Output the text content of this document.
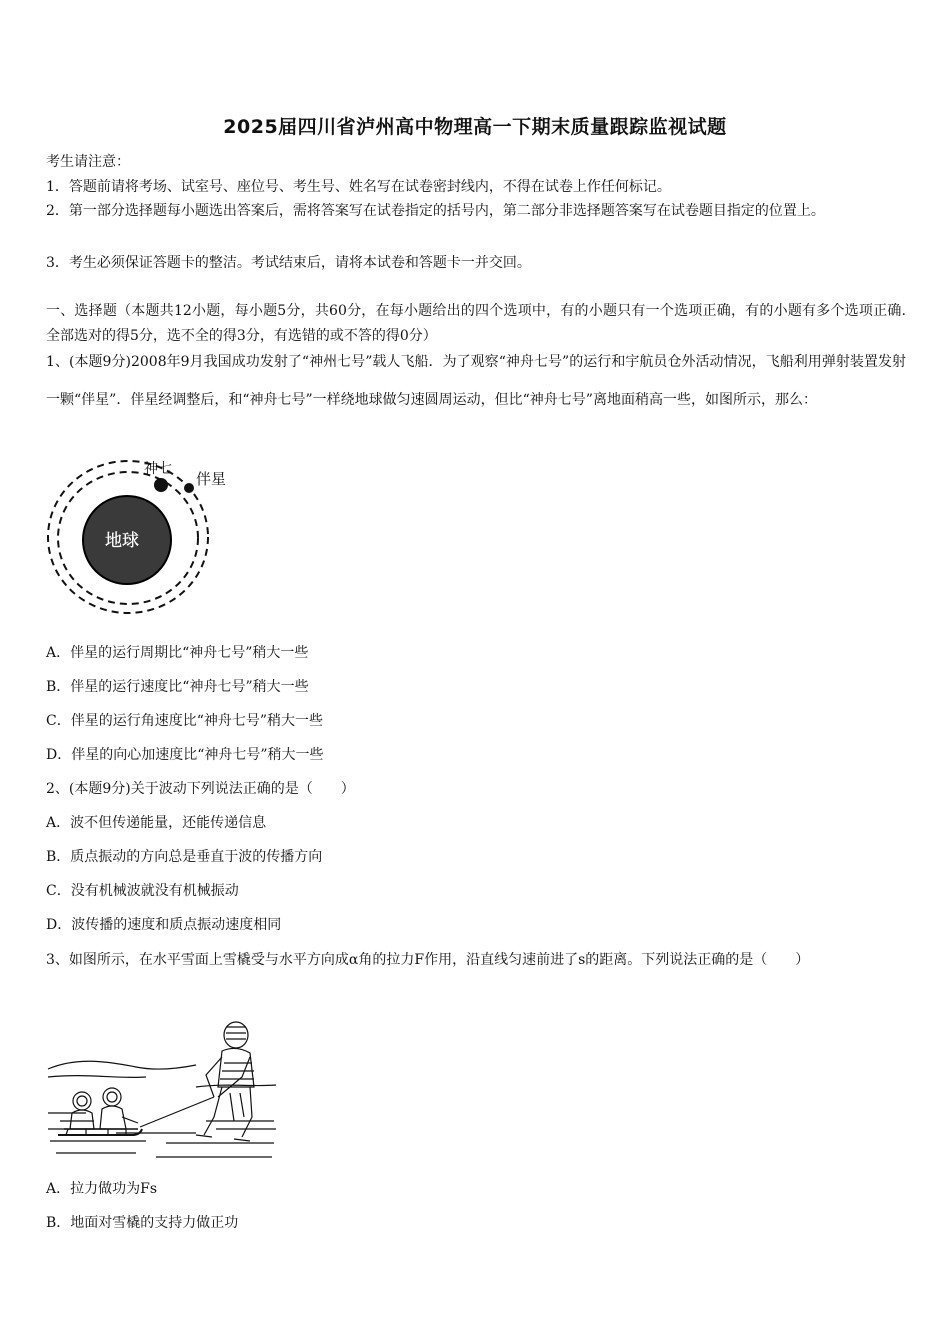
2025届四川省泸州高中物理高一下期末质量跟踪监视试题
考生请注意：
1．答题前请将考场、试室号、座位号、考生号、姓名写在试卷密封线内，不得在试卷上作任何标记。
2．第一部分选择题每小题选出答案后，需将答案写在试卷指定的括号内，第二部分非选择题答案写在试卷题目指定的位置上。
3．考生必须保证答题卡的整洁。考试结束后，请将本试卷和答题卡一并交回。
一、选择题（本题共12小题，每小题5分，共60分，在每小题给出的四个选项中，有的小题只有一个选项正确，有的小题有多个选项正确.全部选对的得5分，选不全的得3分，有选错的或不答的得0分）
1、(本题9分)2008年9月我国成功发射了“神州七号”载人飞船．为了观察“神舟七号”的运行和宇航员仓外活动情况，飞船利用弹射装置发射一颗“伴星”．伴星经调整后，和“神舟七号”一样绕地球做匀速圆周运动，但比“神舟七号”离地面稍高一些，如图所示，那么：
地球
神七
伴星
A．伴星的运行周期比“神舟七号”稍大一些
B．伴星的运行速度比“神舟七号”稍大一些
C．伴星的运行角速度比“神舟七号”稍大一些
D．伴星的向心加速度比“神舟七号”稍大一些
2、(本题9分)关于波动下列说法正确的是（　　）
A．波不但传递能量，还能传递信息
B．质点振动的方向总是垂直于波的传播方向
C．没有机械波就没有机械振动
D．波传播的速度和质点振动速度相同
3、如图所示，在水平雪面上雪橇受与水平方向成α角的拉力F作用，沿直线匀速前进了s的距离。下列说法正确的是（　　）
A．拉力做功为Fs
B．地面对雪橇的支持力做正功
